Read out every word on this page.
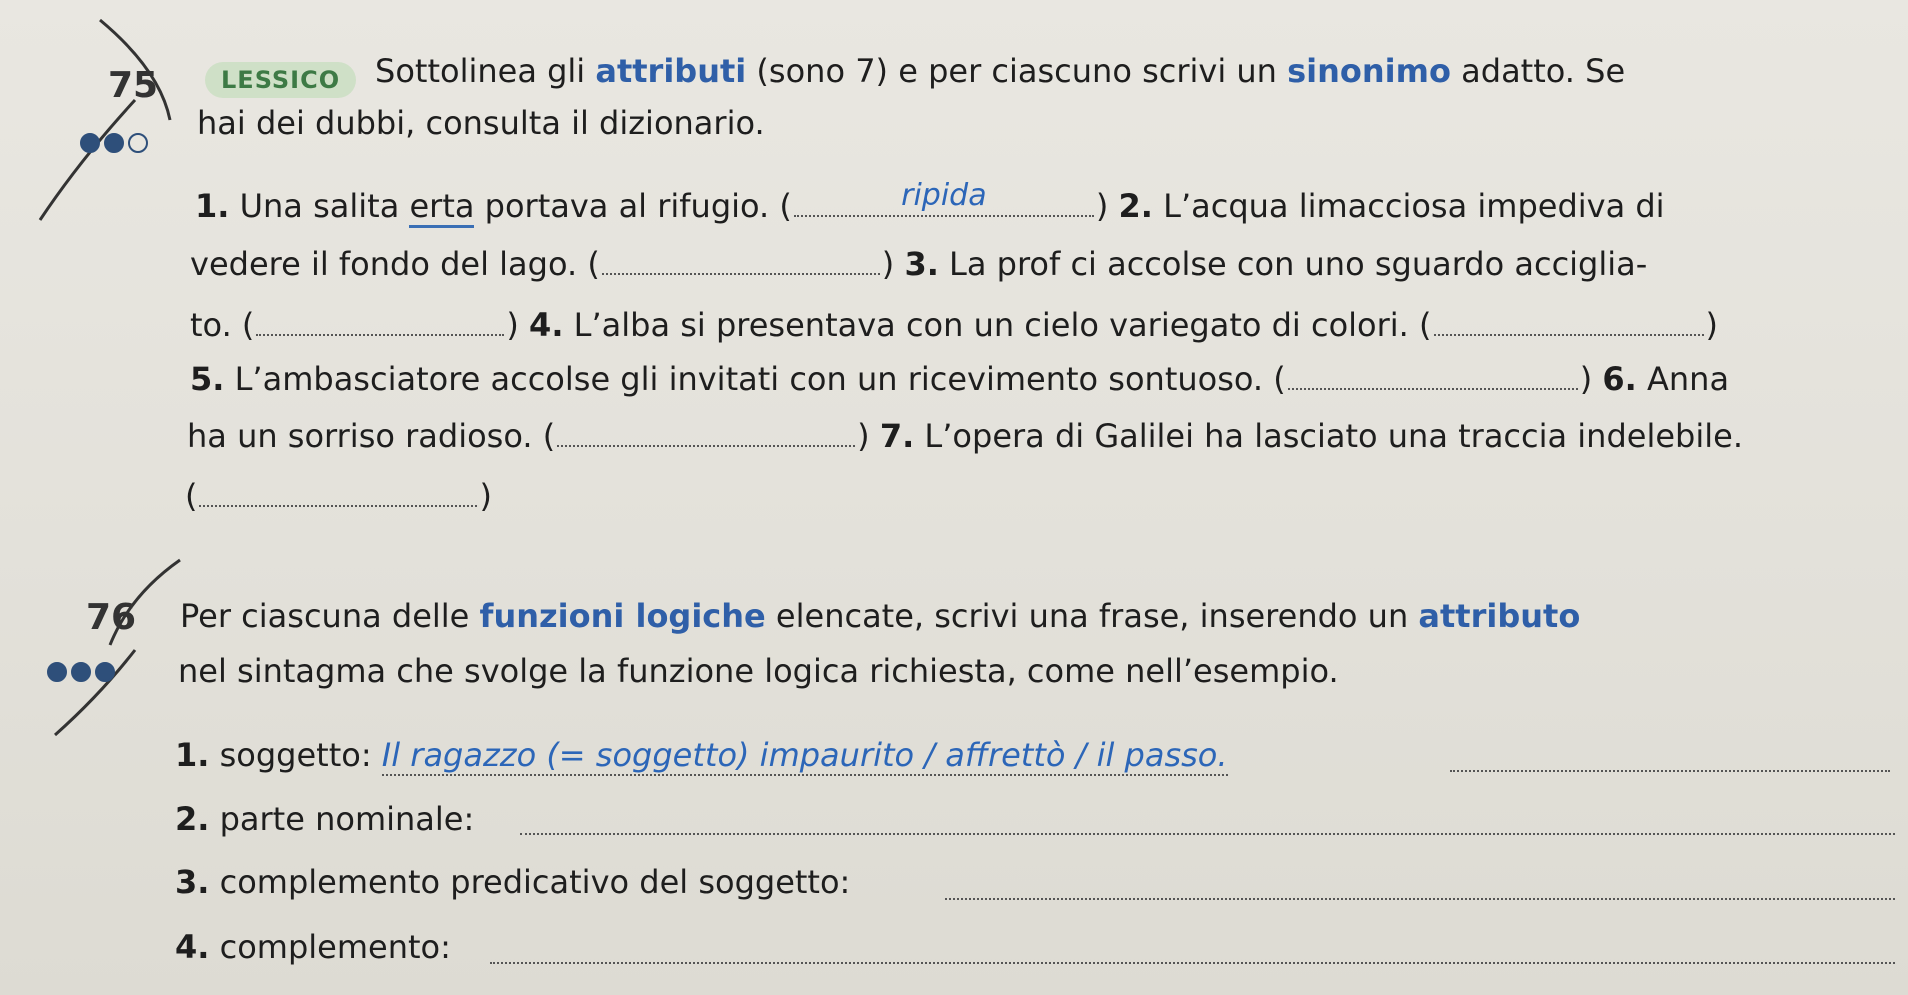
75	LESSICO	Sottolinea gli attributi (sono 7) e per ciascuno scrivi un sinonimo adatto. Se
hai dei dubbi, consulta il dizionario.
1. Una salita erta portava al rifugio. (	ripida	) 2. L’acqua limacciosa impediva di
vedere il fondo del lago. (	) 3. La prof ci accolse con uno sguardo acciglia-
to. (	) 4. L’alba si presentava con un cielo variegato di colori. (	)
5. L’ambasciatore accolse gli invitati con un ricevimento sontuoso. (	) 6. Anna
ha un sorriso radioso. (	) 7. L’opera di Galilei ha lasciato una traccia indelebile.
(	)
76 Per ciascuna delle funzioni logiche elencate, scrivi una frase, inserendo un attributo
nel sintagma che svolge la funzione logica richiesta, come nell’esempio.
1. soggetto: Il ragazzo (= soggetto) impaurito / affrettò / il passo.
2. parte nominale:
3. complemento predicativo del soggetto:
4. complemento:
